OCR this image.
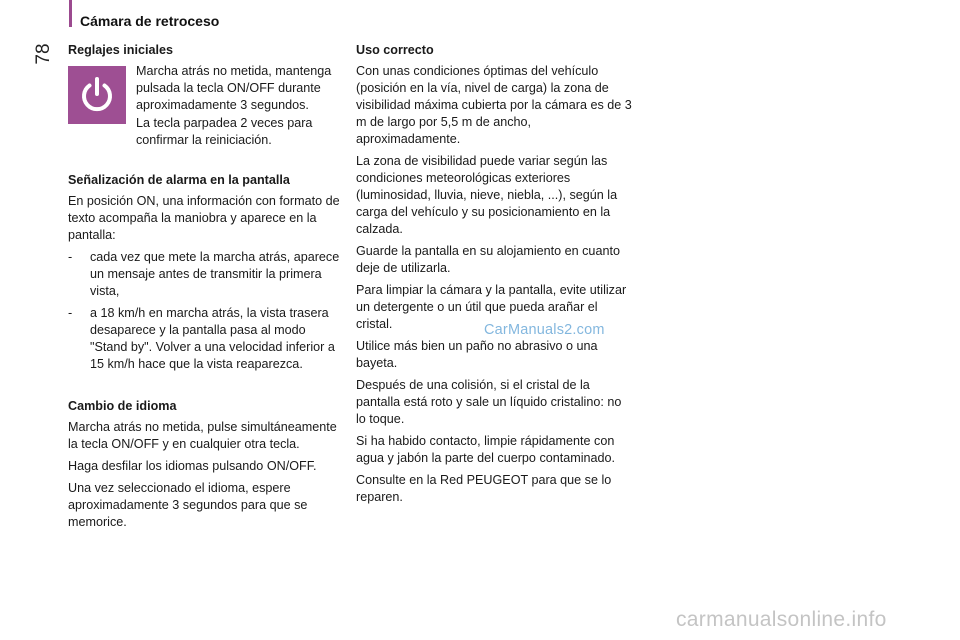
78
Cámara de retroceso
Reglajes iniciales

Marcha atrás no metida, mantenga pulsada la tecla ON/OFF durante aproximadamente 3 segundos.

La tecla parpadea 2 veces para confirmar la reiniciación.

Señalización de alarma en la pantalla

En posición ON, una información con formato de texto acompaña la maniobra y aparece en la pantalla:

- cada vez que mete la marcha atrás, aparece un mensaje antes de transmitir la primera vista,
- a 18 km/h en marcha atrás, la vista trasera desaparece y la pantalla pasa al modo "Stand by". Volver a una velocidad inferior a 15 km/h hace que la vista reaparezca.
Cambio de idioma

Marcha atrás no metida, pulse simultáneamente la tecla ON/OFF y en cualquier otra tecla.

Haga desfilar los idiomas pulsando ON/OFF.

Una vez seleccionado el idioma, espere aproximadamente 3 segundos para que se memorice.

Uso correcto

Con unas condiciones óptimas del vehículo (posición en la vía, nivel de carga) la zona de visibilidad máxima cubierta por la cámara es de 3 m de largo por 5,5 m de ancho, aproximadamente.

La zona de visibilidad puede variar según las condiciones meteorológicas exteriores (luminosidad, lluvia, nieve, niebla, ...), según la carga del vehículo y su posicionamiento en la calzada.

Guarde la pantalla en su alojamiento en cuanto deje de utilizarla.

Para limpiar la cámara y la pantalla, evite utilizar un detergente o un útil que pueda arañar el cristal.

Utilice más bien un paño no abrasivo o una bayeta.

Después de una colisión, si el cristal de la pantalla está roto y sale un líquido cristalino: no lo toque.

Si ha habido contacto, limpie rápidamente con agua y jabón la parte del cuerpo contaminado.

Consulte en la Red PEUGEOT para que se lo reparen.

CarManuals2.com
carmanualsonline.info
